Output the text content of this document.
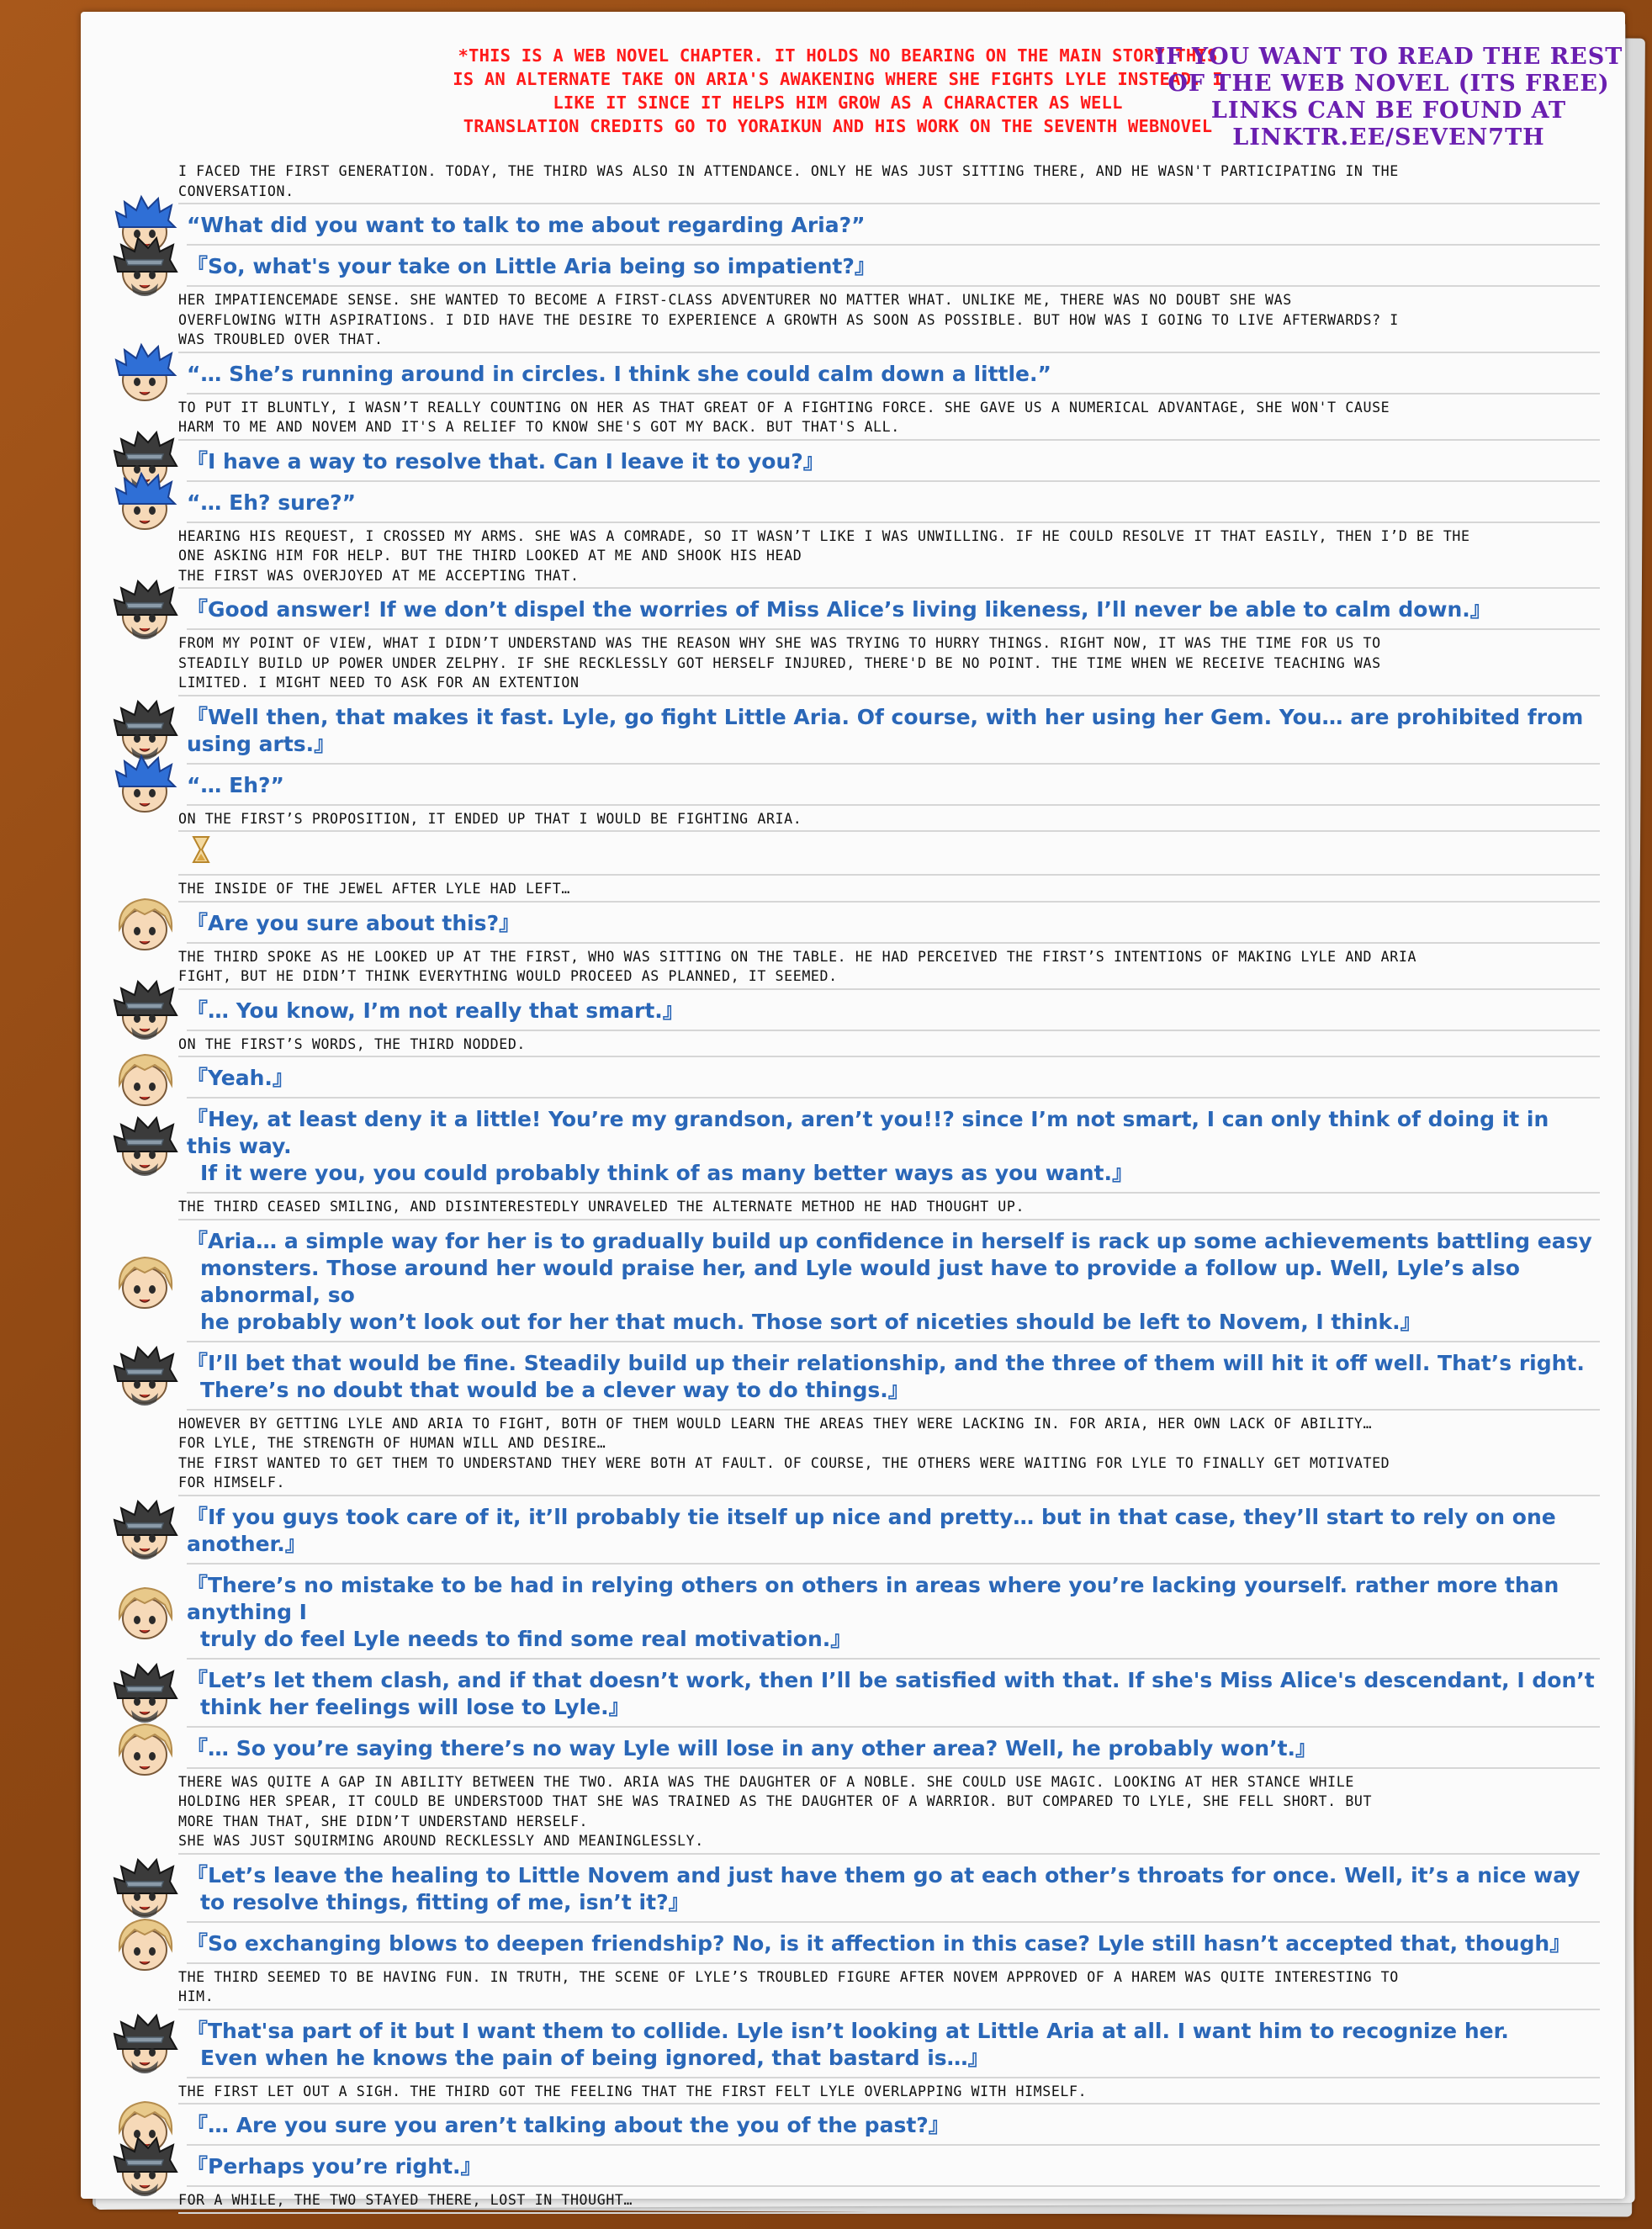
*THIS IS A WEB NOVEL CHAPTER. IT HOLDS NO BEARING ON THE MAIN STORY THIS
IS AN ALTERNATE TAKE ON ARIA'S AWAKENING WHERE SHE FIGHTS LYLE INSTEAD. I
LIKE IT SINCE IT HELPS HIM GROW AS A CHARACTER AS WELL
TRANSLATION CREDITS GO TO YORAIKUN AND HIS WORK ON THE SEVENTH WEBNOVEL
IF YOU WANT TO READ THE REST
OF THE WEB NOVEL (ITS FREE)
LINKS CAN BE FOUND AT
LINKTR.EE/SEVEN7TH
I FACED THE FIRST GENERATION. TODAY, THE THIRD WAS ALSO IN ATTENDANCE. ONLY HE WAS JUST SITTING THERE, AND HE WASN'T PARTICIPATING IN THE
CONVERSATION.
“What did you want to talk to me about regarding Aria?”
『So, what's your take on Little Aria being so impatient?』
HER IMPATIENCEMADE SENSE. SHE WANTED TO BECOME A FIRST-CLASS ADVENTURER NO MATTER WHAT. UNLIKE ME, THERE WAS NO DOUBT SHE WAS
OVERFLOWING WITH ASPIRATIONS. I DID HAVE THE DESIRE TO EXPERIENCE A GROWTH AS SOON AS POSSIBLE. BUT HOW WAS I GOING TO LIVE AFTERWARDS? I
WAS TROUBLED OVER THAT.
“… She’s running around in circles. I think she could calm down a little.”
TO PUT IT BLUNTLY, I WASN’T REALLY COUNTING ON HER AS THAT GREAT OF A FIGHTING FORCE. SHE GAVE US A NUMERICAL ADVANTAGE, SHE WON'T CAUSE
HARM TO ME AND NOVEM AND IT'S A RELIEF TO KNOW SHE'S GOT MY BACK. BUT THAT'S ALL.
『I have a way to resolve that. Can I leave it to you?』
“… Eh? sure?”
HEARING HIS REQUEST, I CROSSED MY ARMS. SHE WAS A COMRADE, SO IT WASN’T LIKE I WAS UNWILLING. IF HE COULD RESOLVE IT THAT EASILY, THEN I’D BE THE
ONE ASKING HIM FOR HELP. BUT THE THIRD LOOKED AT ME AND SHOOK HIS HEAD
THE FIRST WAS OVERJOYED AT ME ACCEPTING THAT.
『Good answer! If we don’t dispel the worries of Miss Alice’s living likeness, I’ll never be able to calm down.』
FROM MY POINT OF VIEW, WHAT I DIDN’T UNDERSTAND WAS THE REASON WHY SHE WAS TRYING TO HURRY THINGS. RIGHT NOW, IT WAS THE TIME FOR US TO
STEADILY BUILD UP POWER UNDER ZELPHY. IF SHE RECKLESSLY GOT HERSELF INJURED, THERE'D BE NO POINT. THE TIME WHEN WE RECEIVE TEACHING WAS
LIMITED. I MIGHT NEED TO ASK FOR AN EXTENTION
『Well then, that makes it fast. Lyle, go fight Little Aria. Of course, with her using her Gem. You… are prohibited from using arts.』
“… Eh?”
ON THE FIRST’S PROPOSITION, IT ENDED UP THAT I WOULD BE FIGHTING ARIA.
THE INSIDE OF THE JEWEL AFTER LYLE HAD LEFT…
『Are you sure about this?』
THE THIRD SPOKE AS HE LOOKED UP AT THE FIRST, WHO WAS SITTING ON THE TABLE. HE HAD PERCEIVED THE FIRST’S INTENTIONS OF MAKING LYLE AND ARIA
FIGHT, BUT HE DIDN’T THINK EVERYTHING WOULD PROCEED AS PLANNED, IT SEEMED.
『… You know, I’m not really that smart.』
ON THE FIRST’S WORDS, THE THIRD NODDED.
『Yeah.』
『Hey, at least deny it a little! You’re my grandson, aren’t you!!? since I’m not smart, I can only think of doing it in this way.
If it were you, you could probably think of as many better ways as you want.』
THE THIRD CEASED SMILING, AND DISINTERESTEDLY UNRAVELED THE ALTERNATE METHOD HE HAD THOUGHT UP.
『Aria… a simple way for her is to gradually build up confidence in herself is rack up some achievements battling easy
monsters. Those around her would praise her, and Lyle would just have to provide a follow up. Well, Lyle’s also abnormal, so
he probably won’t look out for her that much. Those sort of niceties should be left to Novem, I think.』
『I’ll bet that would be fine. Steadily build up their relationship, and the three of them will hit it off well. That’s right.
There’s no doubt that would be a clever way to do things.』
HOWEVER BY GETTING LYLE AND ARIA TO FIGHT, BOTH OF THEM WOULD LEARN THE AREAS THEY WERE LACKING IN. FOR ARIA, HER OWN LACK OF ABILITY…
FOR LYLE, THE STRENGTH OF HUMAN WILL AND DESIRE…
THE FIRST WANTED TO GET THEM TO UNDERSTAND THEY WERE BOTH AT FAULT. OF COURSE, THE OTHERS WERE WAITING FOR LYLE TO FINALLY GET MOTIVATED
FOR HIMSELF.
『If you guys took care of it, it’ll probably tie itself up nice and pretty… but in that case, they’ll start to rely on one another.』
『There’s no mistake to be had in relying others on others in areas where you’re lacking yourself. rather more than anything I
truly do feel Lyle needs to find some real motivation.』
『Let’s let them clash, and if that doesn’t work, then I’ll be satisfied with that. If she's Miss Alice's descendant, I don’t
think her feelings will lose to Lyle.』
『… So you’re saying there’s no way Lyle will lose in any other area? Well, he probably won’t.』
THERE WAS QUITE A GAP IN ABILITY BETWEEN THE TWO. ARIA WAS THE DAUGHTER OF A NOBLE. SHE COULD USE MAGIC. LOOKING AT HER STANCE WHILE
HOLDING HER SPEAR, IT COULD BE UNDERSTOOD THAT SHE WAS TRAINED AS THE DAUGHTER OF A WARRIOR. BUT COMPARED TO LYLE, SHE FELL SHORT. BUT
MORE THAN THAT, SHE DIDN’T UNDERSTAND HERSELF.
SHE WAS JUST SQUIRMING AROUND RECKLESSLY AND MEANINGLESSLY.
『Let’s leave the healing to Little Novem and just have them go at each other’s throats for once. Well, it’s a nice way
to resolve things, fitting of me, isn’t it?』
『So exchanging blows to deepen friendship? No, is it affection in this case? Lyle still hasn’t accepted that, though』
THE THIRD SEEMED TO BE HAVING FUN. IN TRUTH, THE SCENE OF LYLE’S TROUBLED FIGURE AFTER NOVEM APPROVED OF A HAREM WAS QUITE INTERESTING TO
HIM.
『That'sa part of it but I want them to collide. Lyle isn’t looking at Little Aria at all. I want him to recognize her.
Even when he knows the pain of being ignored, that bastard is…』
THE FIRST LET OUT A SIGH. THE THIRD GOT THE FEELING THAT THE FIRST FELT LYLE OVERLAPPING WITH HIMSELF.
『… Are you sure you aren’t talking about the you of the past?』
『Perhaps you’re right.』
FOR A WHILE, THE TWO STAYED THERE, LOST IN THOUGHT…
